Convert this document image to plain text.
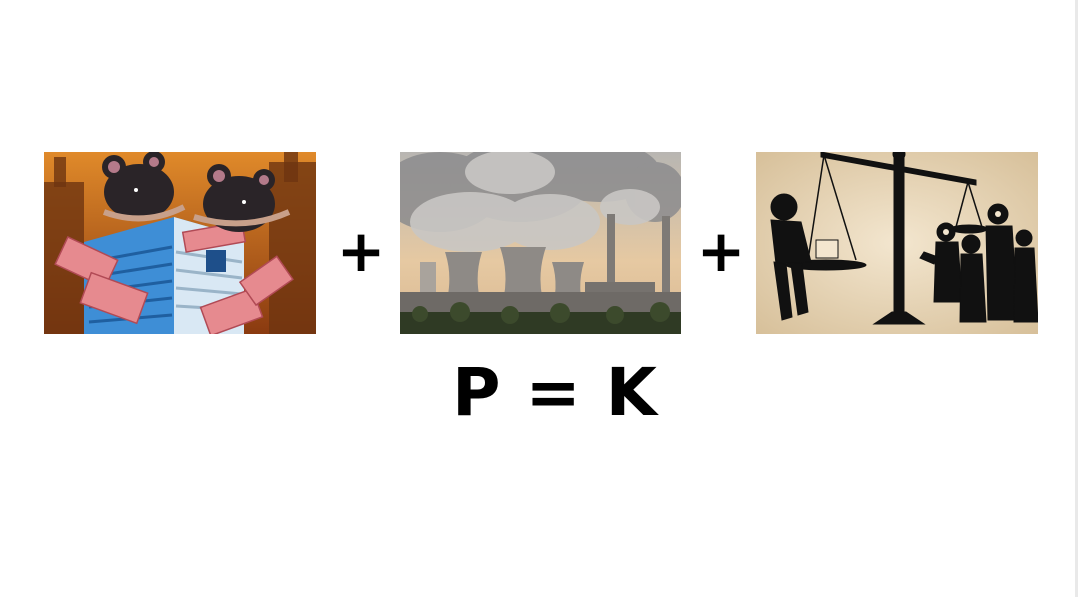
+	+
P = K
